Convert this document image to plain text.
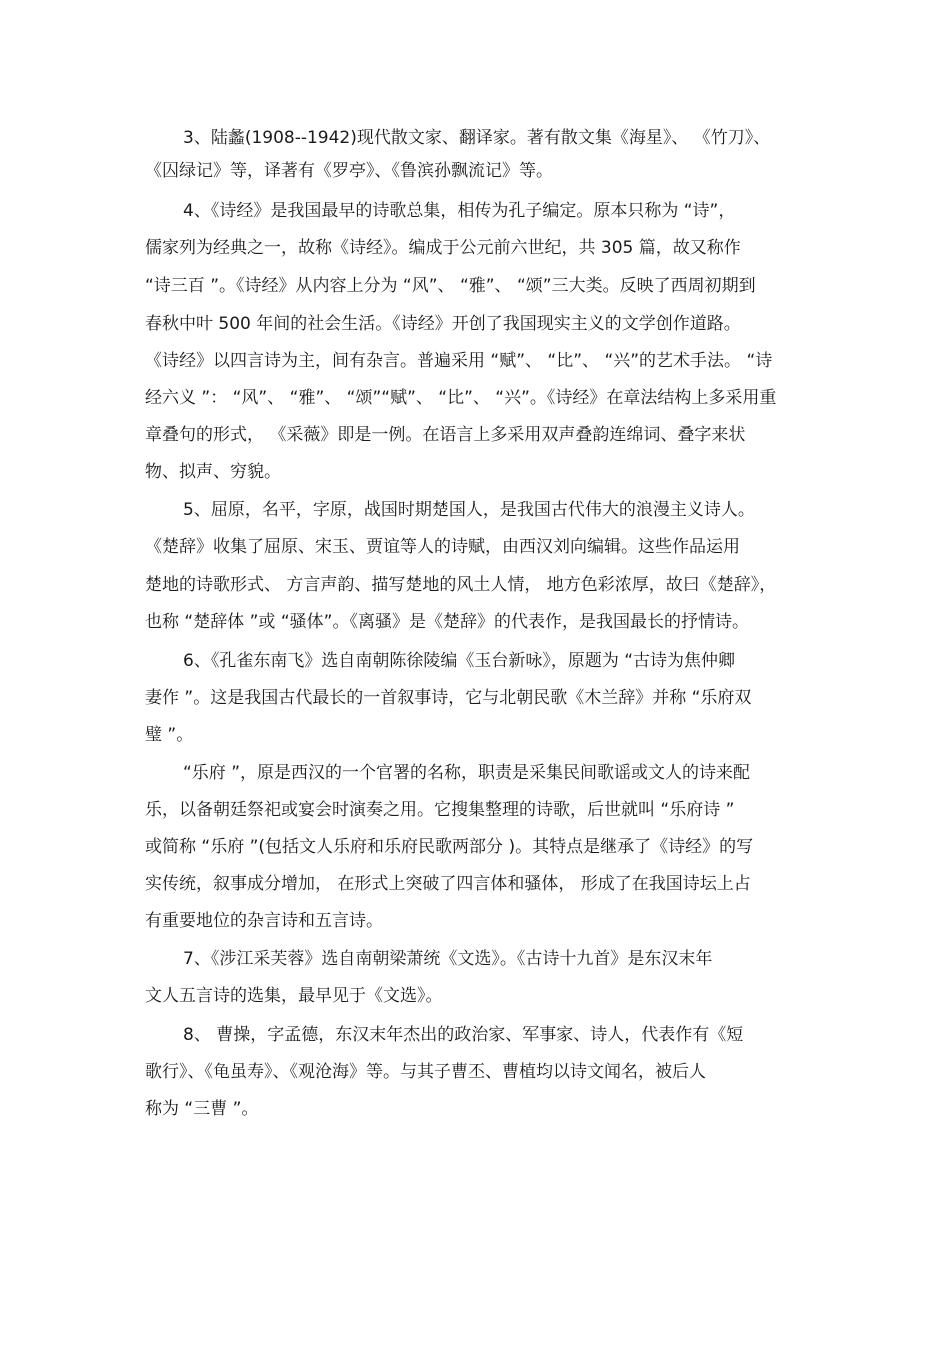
3、陆蠡(1908--1942)现代散文家、翻译家。著有散文集《海星》、 《竹刀》、
《囚绿记》等，译著有《罗亭》、《鲁滨孙飘流记》等。
4、《诗经》是我国最早的诗歌总集，相传为孔子编定。原本只称为 “诗”，
儒家列为经典之一，故称《诗经》。编成于公元前六世纪，共 305 篇，故又称作
“诗三百 ”。《诗经》从内容上分为 “风”、 “雅”、 “颂”三大类。反映了西周初期到
春秋中叶 500 年间的社会生活。《诗经》开创了我国现实主义的文学创作道路。
《诗经》以四言诗为主，间有杂言。普遍采用 “赋”、 “比”、 “兴”的艺术手法。 “诗
经六义 ”： “风”、 “雅”、 “颂”“赋”、 “比”、 “兴”。《诗经》在章法结构上多采用重
章叠句的形式， 《采薇》即是一例。在语言上多采用双声叠韵连绵词、叠字来状
物、拟声、穷貌。
5、屈原，名平，字原，战国时期楚国人，是我国古代伟大的浪漫主义诗人。
《楚辞》收集了屈原、宋玉、贾谊等人的诗赋，由西汉刘向编辑。这些作品运用
楚地的诗歌形式、 方言声韵、描写楚地的风土人情， 地方色彩浓厚，故曰《楚辞》，
也称 “楚辞体 ”或 “骚体”。《离骚》是《楚辞》的代表作，是我国最长的抒情诗。
6、《孔雀东南飞》选自南朝陈徐陵编《玉台新咏》，原题为 “古诗为焦仲卿
妻作 ”。这是我国古代最长的一首叙事诗，它与北朝民歌《木兰辞》并称 “乐府双
璧 ”。
“乐府 ”，原是西汉的一个官署的名称，职责是采集民间歌谣或文人的诗来配
乐，以备朝廷祭祀或宴会时演奏之用。它搜集整理的诗歌，后世就叫 “乐府诗 ”
或简称 “乐府 ”(包括文人乐府和乐府民歌两部分 )。其特点是继承了《诗经》的写
实传统，叙事成分增加， 在形式上突破了四言体和骚体， 形成了在我国诗坛上占
有重要地位的杂言诗和五言诗。
7、《涉江采芙蓉》选自南朝梁萧统《文选》。《古诗十九首》是东汉末年
文人五言诗的选集，最早见于《文选》。
8、 曹操，字孟德，东汉末年杰出的政治家、军事家、诗人，代表作有《短
歌行》、《龟虽寿》、《观沧海》等。与其子曹丕、曹植均以诗文闻名，被后人
称为 “三曹 ”。
